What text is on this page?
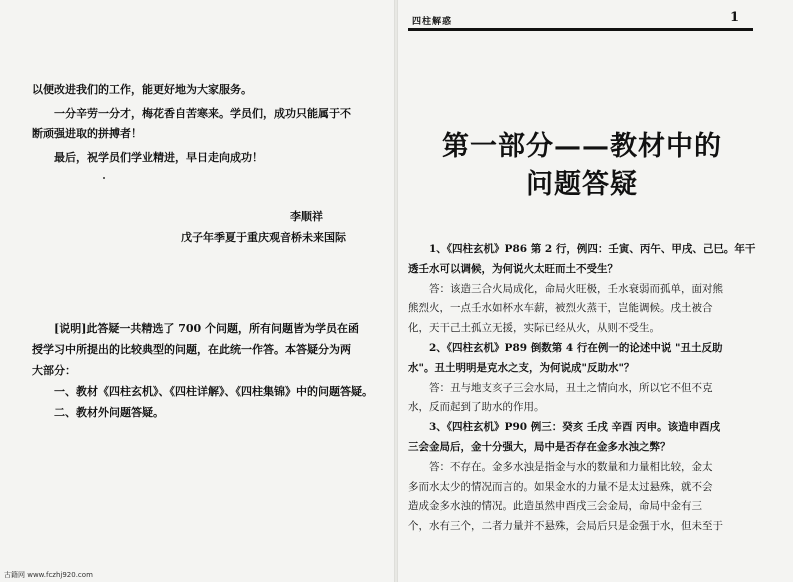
以便改进我们的工作，能更好地为大家服务。
一分辛劳一分才，梅花香自苦寒来。学员们，成功只能属于不
断顽强进取的拼搏者！
最后，祝学员们学业精进，早日走向成功！
李顺祥
戊子年季夏于重庆观音桥未来国际

[说明]此答疑一共精选了 700 个问题，所有问题皆为学员在函

授学习中所提出的比较典型的问题，在此统一作答。本答疑分为两

大部分：

一、教材《四柱玄机》、《四柱详解》、《四柱集锦》中的问题答疑。

二、教材外问题答疑。

四柱解惑	1
第一部分——教材中的
问题答疑

1、《四柱玄机》P86 第 2 行，例四：壬寅、丙午、甲戌、己巳。年干

透壬水可以调候，为何说火太旺而土不受生？

答：该造三合火局成化，命局火旺极，壬水衰弱而孤单，面对熊

熊烈火，一点壬水如杯水车薪，被烈火蒸干，岂能调候。戌土被合

化，天干己土孤立无援，实际已经从火，从则不受生。

2、《四柱玄机》P89 倒数第 4 行在例一的论述中说 "丑土反助

水"。丑土明明是克水之支，为何说成"反助水"？

答：丑与地支亥子三会水局，丑土之情向水，所以它不但不克

水，反而起到了助水的作用。

3、《四柱玄机》P90 例三：癸亥 壬戌 辛酉 丙申。该造申酉戌

三会金局后，金十分强大，局中是否存在金多水浊之弊？

答：不存在。金多水浊是指金与水的数量和力量相比较，金太

多而水太少的情况而言的。如果金水的力量不是太过悬殊，就不会

造成金多水浊的情况。此造虽然申酉戌三会金局，命局中金有三

个，水有三个，二者力量并不悬殊，会局后只是金强于水，但未至于

古籍网 www.fczhj920.com
